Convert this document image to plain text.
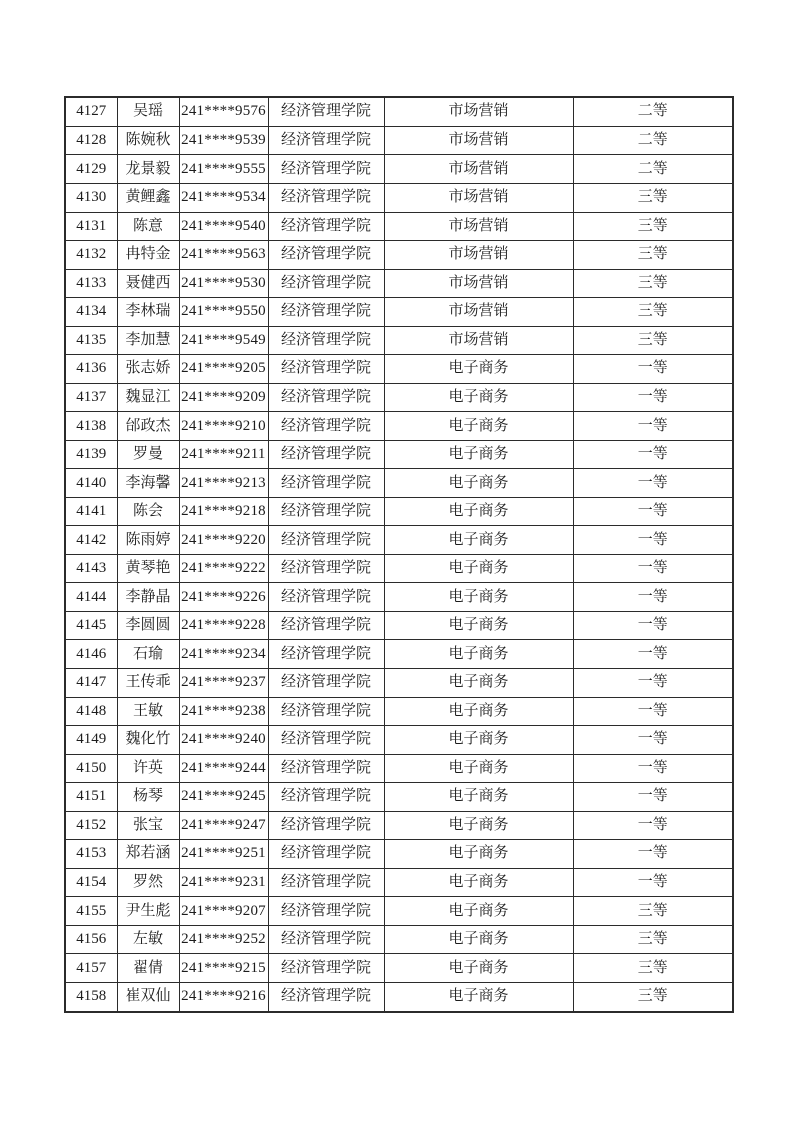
4127	吴瑶	241****9576	经济管理学院	市场营销	二等
4128	陈婉秋	241****9539	经济管理学院	市场营销	二等
4129	龙景毅	241****9555	经济管理学院	市场营销	二等
4130	黄鲤鑫	241****9534	经济管理学院	市场营销	三等
4131	陈意	241****9540	经济管理学院	市场营销	三等
4132	冉特金	241****9563	经济管理学院	市场营销	三等
4133	聂健西	241****9530	经济管理学院	市场营销	三等
4134	李林瑞	241****9550	经济管理学院	市场营销	三等
4135	李加慧	241****9549	经济管理学院	市场营销	三等
4136	张志娇	241****9205	经济管理学院	电子商务	一等
4137	魏显江	241****9209	经济管理学院	电子商务	一等
4138	邰政杰	241****9210	经济管理学院	电子商务	一等
4139	罗曼	241****9211	经济管理学院	电子商务	一等
4140	李海馨	241****9213	经济管理学院	电子商务	一等
4141	陈会	241****9218	经济管理学院	电子商务	一等
4142	陈雨婷	241****9220	经济管理学院	电子商务	一等
4143	黄琴艳	241****9222	经济管理学院	电子商务	一等
4144	李静晶	241****9226	经济管理学院	电子商务	一等
4145	李圆圆	241****9228	经济管理学院	电子商务	一等
4146	石瑜	241****9234	经济管理学院	电子商务	一等
4147	王传乖	241****9237	经济管理学院	电子商务	一等
4148	王敏	241****9238	经济管理学院	电子商务	一等
4149	魏化竹	241****9240	经济管理学院	电子商务	一等
4150	许英	241****9244	经济管理学院	电子商务	一等
4151	杨琴	241****9245	经济管理学院	电子商务	一等
4152	张宝	241****9247	经济管理学院	电子商务	一等
4153	郑若涵	241****9251	经济管理学院	电子商务	一等
4154	罗然	241****9231	经济管理学院	电子商务	一等
4155	尹生彪	241****9207	经济管理学院	电子商务	三等
4156	左敏	241****9252	经济管理学院	电子商务	三等
4157	翟倩	241****9215	经济管理学院	电子商务	三等
4158	崔双仙	241****9216	经济管理学院	电子商务	三等
